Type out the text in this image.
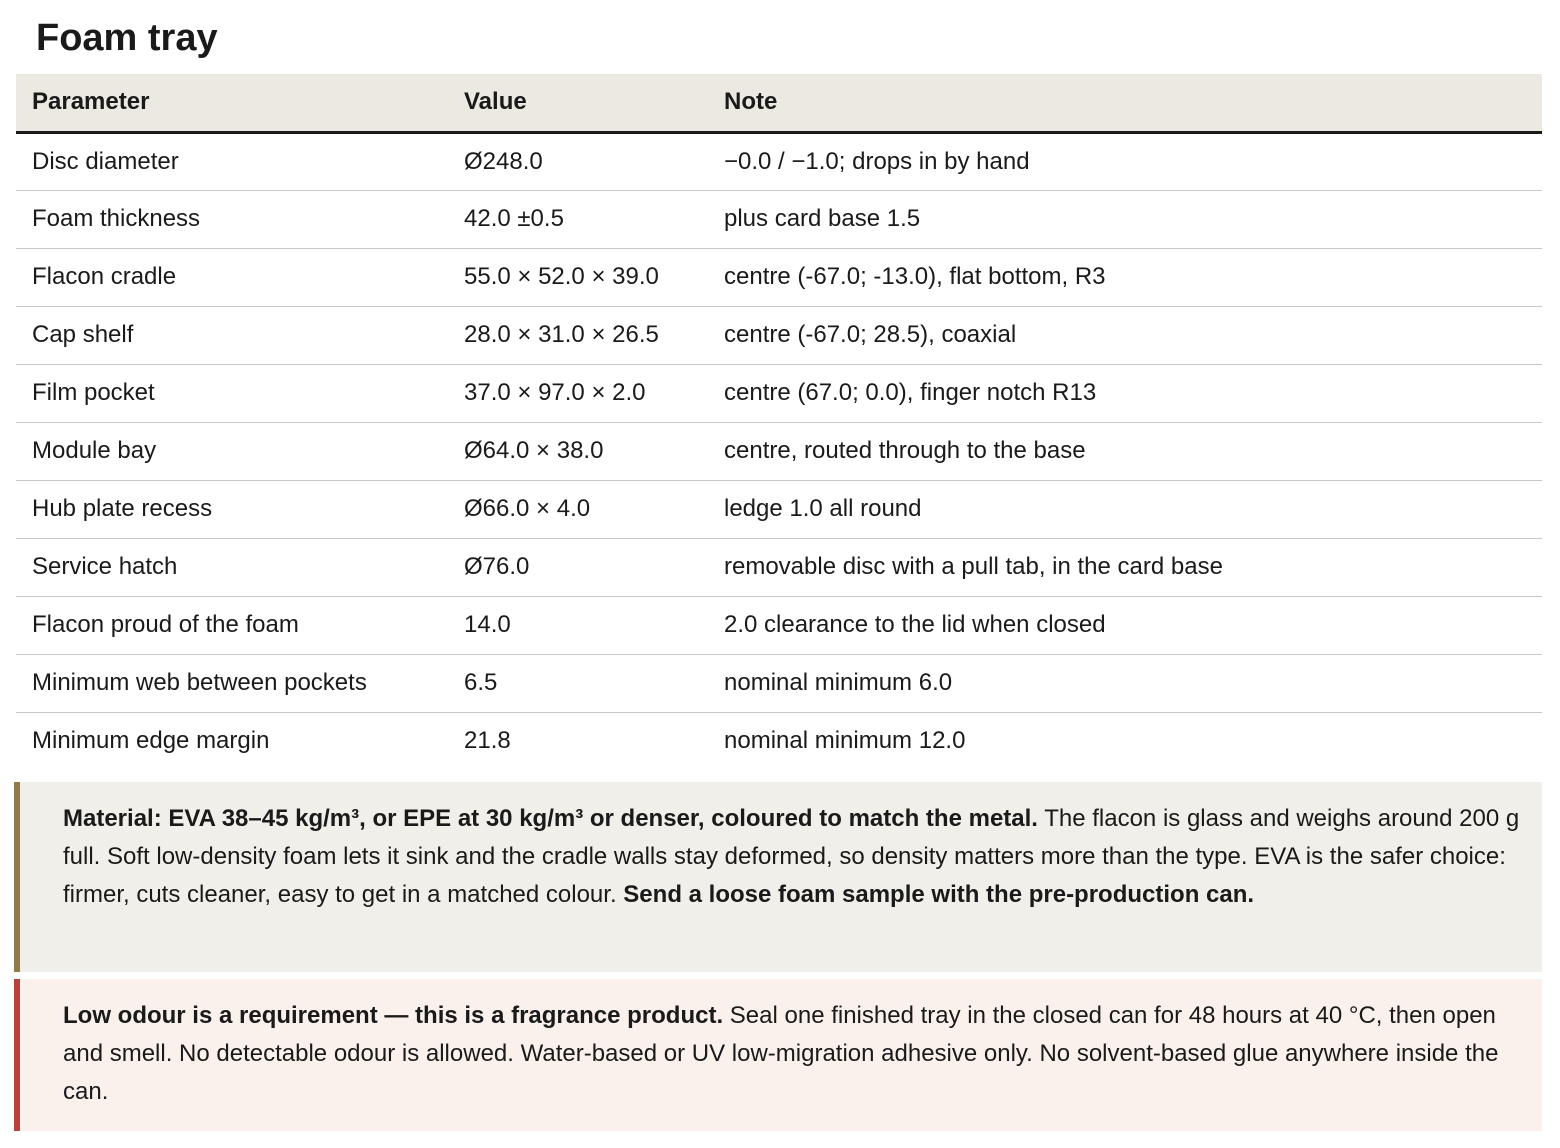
Foam tray
Parameter	Value	Note
Disc diameter	Ø248.0	−0.0 / −1.0; drops in by hand
Foam thickness	42.0 ±0.5	plus card base 1.5
Flacon cradle	55.0 × 52.0 × 39.0	centre (-67.0; -13.0), flat bottom, R3
Cap shelf	28.0 × 31.0 × 26.5	centre (-67.0; 28.5), coaxial
Film pocket	37.0 × 97.0 × 2.0	centre (67.0; 0.0), finger notch R13
Module bay	Ø64.0 × 38.0	centre, routed through to the base
Hub plate recess	Ø66.0 × 4.0	ledge 1.0 all round
Service hatch	Ø76.0	removable disc with a pull tab, in the card base
Flacon proud of the foam	14.0	2.0 clearance to the lid when closed
Minimum web between pockets	6.5	nominal minimum 6.0
Minimum edge margin	21.8	nominal minimum 12.0
Material: EVA 38–45 kg/m³, or EPE at 30 kg/m³ or denser, coloured to match the metal. The flacon is glass and weighs around 200 g full. Soft low-density foam lets it sink and the cradle walls stay deformed, so density matters more than the type. EVA is the safer choice: firmer, cuts cleaner, easy to get in a matched colour. Send a loose foam sample with the pre-production can.
Low odour is a requirement — this is a fragrance product. Seal one finished tray in the closed can for 48 hours at 40 °C, then open and smell. No detectable odour is allowed. Water-based or UV low-migration adhesive only. No solvent-based glue anywhere inside the can.
